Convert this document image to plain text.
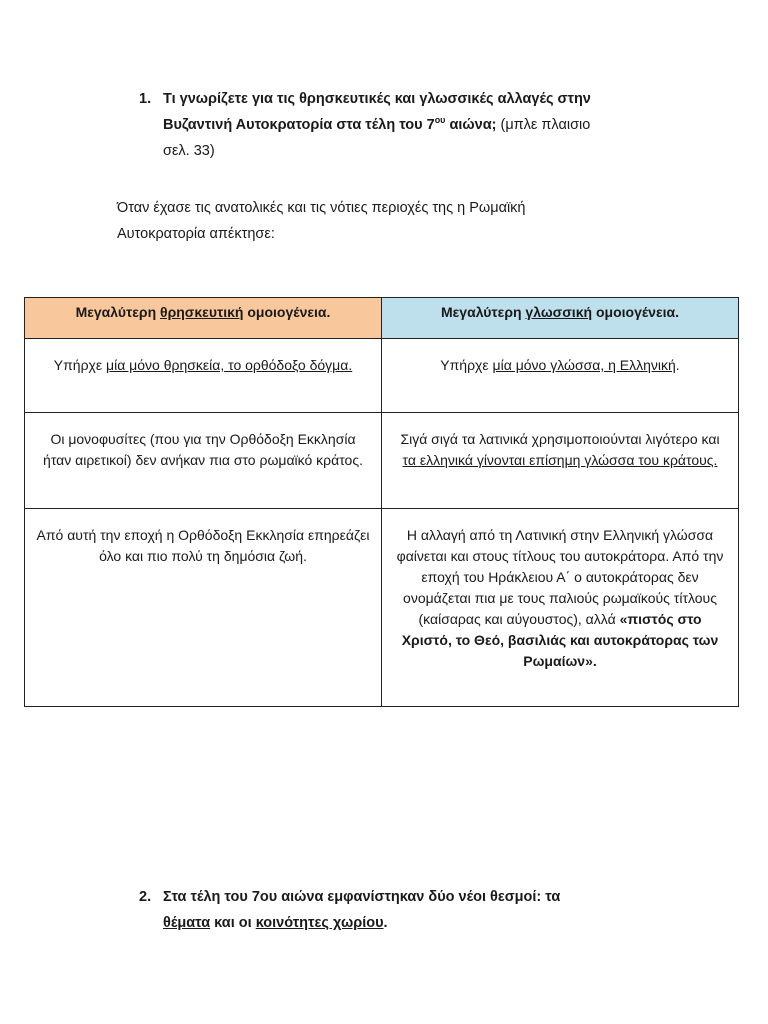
1. Τι γνωρίζετε για τις θρησκευτικές και γλωσσικές αλλαγές στην
Βυζαντινή Αυτοκρατορία στα τέλη του $7^{o\upsilon}$ αιώνα; (μπλε πλαισιο
σελ. 33)
Όταν έχασε τις ανατολικές και τις νότιες περιοχές της η Ρωμαϊκή
Αυτοκρατορία απέκτησε:
Μεγαλύτερη θρησκευτική ομοιογένεια.	Μεγαλύτερη γλωσσική ομοιογένεια.
Υπήρχε μία μόνο θρησκεία, το ορθόδοξο δόγμα.	Υπήρχε μία μόνο γλώσσα, η Ελληνική.
Οι μονοφυσίτες (που για την Ορθόδοξη Εκκλησία ήταν αιρετικοί) δεν ανήκαν πια στο ρωμαϊκό κράτος.	Σιγά σιγά τα λατινικά χρησιμοποιούνται λιγότερο και τα ελληνικά γίνονται επίσημη γλώσσα του κράτους.
Από αυτή την εποχή η Ορθόδοξη Εκκλησία επηρεάζει όλο και πιο πολύ τη δημόσια ζωή.	Η αλλαγή από τη Λατινική στην Ελληνική γλώσσα φαίνεται και στους τίτλους του αυτοκράτορα. Από την εποχή του Ηράκλειου Α΄ ο αυτοκράτορας δεν ονομάζεται πια με τους παλιούς ρωμαϊκούς τίτλους (καίσαρας και αύγουστος), αλλά «πιστός στο Χριστό, το Θεό, βασιλιάς και αυτοκράτορας των Ρωμαίων».
2. Στα τέλη του 7ου αιώνα εμφανίστηκαν δύο νέοι θεσμοί: τα
θέματα και οι κοινότητες χωρίου.
